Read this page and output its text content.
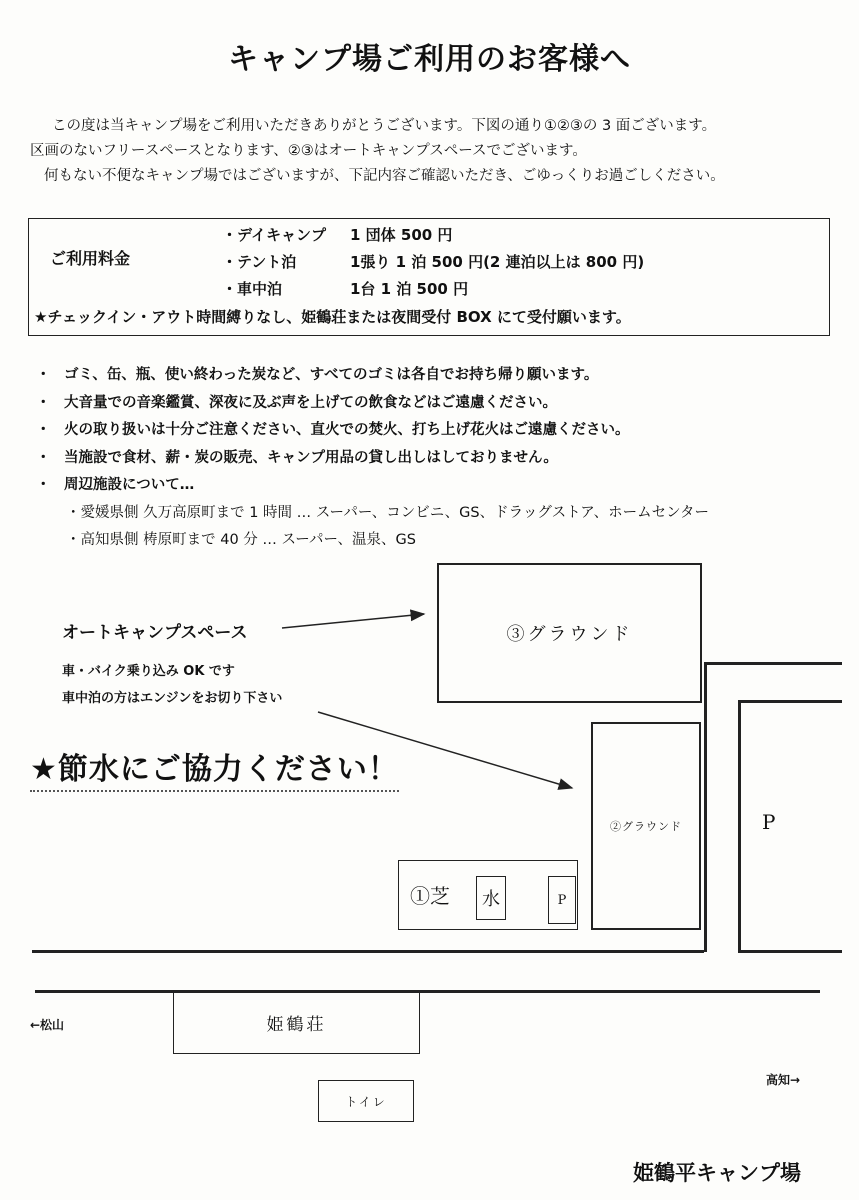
キャンプ場ご利用のお客様へ

この度は当キャンプ場をご利用いただきありがとうございます。下図の通り①②③の 3 面ございます。

区画のないフリースペースとなります、②③はオートキャンプスペースでございます。

何もない不便なキャンプ場ではございますが、下記内容ご確認いただき、ごゆっくりお過ごしください。

ご利用料金
・デイキャンプ 1 団体 500 円
・テント泊	1張り 1 泊 500 円(2 連泊以上は 800 円)
・車中泊	1台 1 泊 500 円
★チェックイン・アウト時間縛りなし、姫鶴荘または夜間受付 BOX にて受付願います。
・ ゴミ、缶、瓶、使い終わった炭など、すべてのゴミは各自でお持ち帰り願います。
・ 大音量での音楽鑑賞、深夜に及ぶ声を上げての飲食などはご遠慮ください。
・ 火の取り扱いは十分ご注意ください、直火での焚火、打ち上げ花火はご遠慮ください。
・ 当施設で食材、薪・炭の販売、キャンプ用品の貸し出しはしておりません。
・ 周辺施設について…
・愛媛県側 久万高原町まで 1 時間 … スーパー、コンビニ、GS、ドラッグストア、ホームセンター
・高知県側 梼原町まで 40 分 … スーパー、温泉、GS
オートキャンプスペース
車・バイク乗り込み OK です
車中泊の方はエンジンをお切り下さい
★節水にご協力ください！
③グラウンド
②グラウンド	P
①芝	水	P
←松山	姫鶴荘
高知→
トイレ
姫鶴平キャンプ場
